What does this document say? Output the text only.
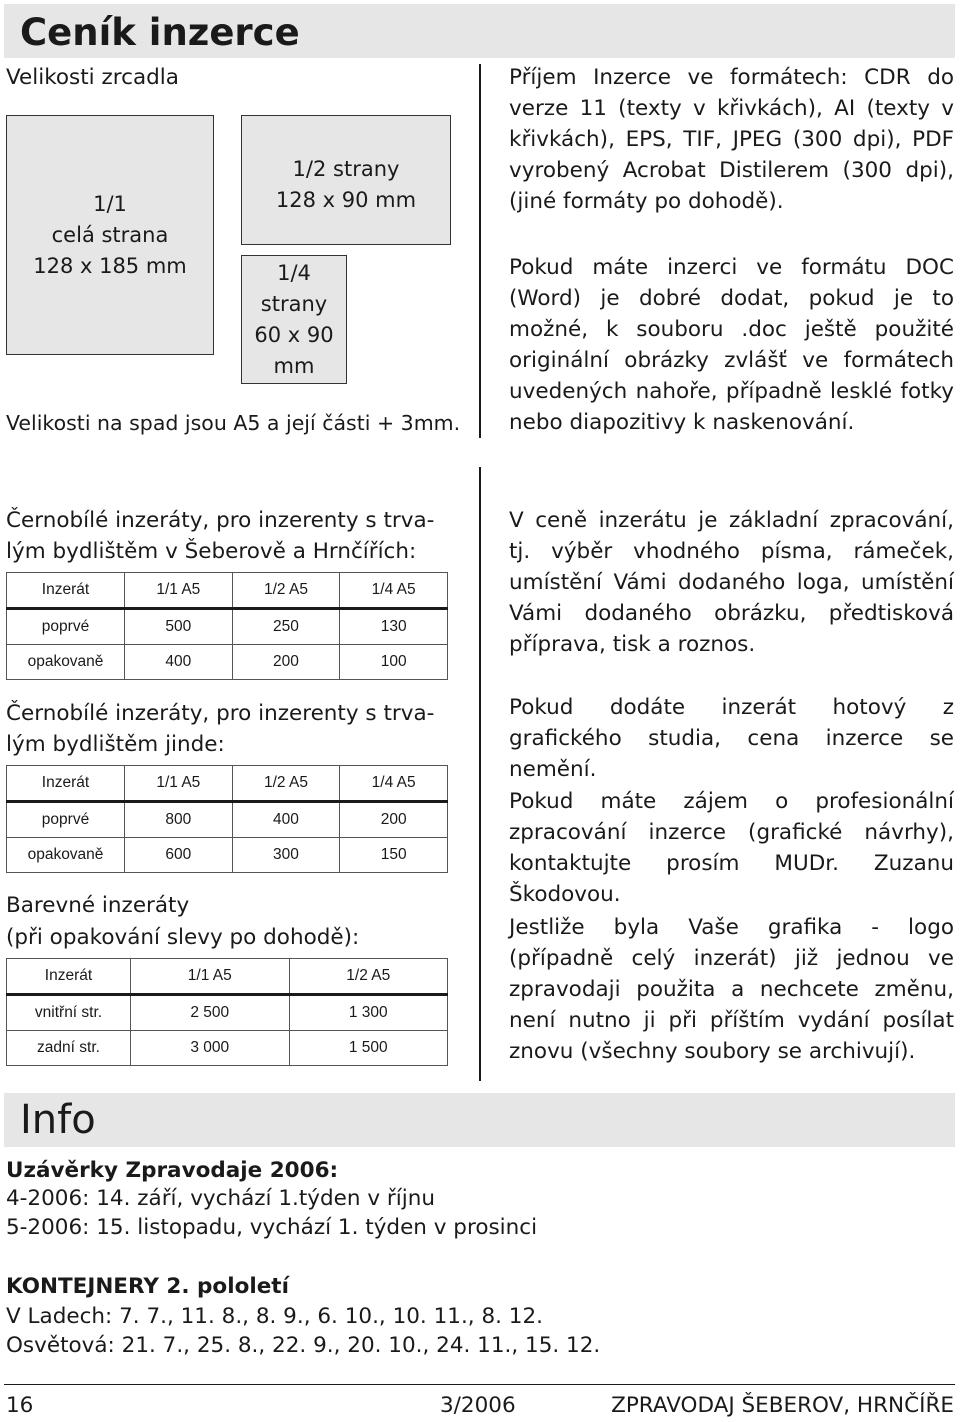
Ceník inzerce
Velikosti zrcadla
1/1
celá strana
128 x 185 mm
1/2 strany
128 x 90 mm
1/4
strany
60 x 90
mm
Velikosti na spad jsou A5 a její části + 3mm.
Příjem Inzerce ve formátech: CDR do verze 11 (texty v křivkách), AI (texty v křivkách), EPS, TIF, JPEG (300 dpi), PDF vyrobený Acrobat Distilerem (300 dpi), (jiné formáty po dohodě).
Pokud máte inzerci ve formátu DOC (Word) je dobré dodat, pokud je to možné, k souboru .doc ještě použité originální obrázky zvlášť ve formátech uvedených nahoře, případně lesklé fotky nebo diapozitivy k naskenování.
Černobílé inzeráty, pro inzerenty s trva-
lým bydlištěm v Šeberově a Hrnčířích:
Inzerát	1/1 A5	1/2 A5	1/4 A5
poprvé	500	250	130
opakovaně	400	200	100
Černobílé inzeráty, pro inzerenty s trva-
lým bydlištěm jinde:
Inzerát	1/1 A5	1/2 A5	1/4 A5
poprvé	800	400	200
opakovaně	600	300	150
Barevné inzeráty
(při opakování slevy po dohodě):
Inzerát	1/1 A5	1/2 A5
vnitřní str.	2 500	1 300
zadní str.	3 000	1 500
V ceně inzerátu je základní zpracování, tj. výběr vhodného písma, rámeček, umístění Vámi dodaného loga, umístění Vámi dodaného obrázku, předtisková příprava, tisk a roznos.
Pokud dodáte inzerát hotový z grafického studia, cena inzerce se nemění.
Pokud máte zájem o profesionální zpracování inzerce (grafické návrhy), kontaktujte prosím MUDr. Zuzanu Škodovou.
Jestliže byla Vaše grafika - logo (případně celý inzerát) již jednou ve zpravodaji použita a nechcete změnu, není nutno ji při příštím vydání posílat znovu (všechny soubory se archivují).
Info
Uzávěrky Zpravodaje 2006:
4-2006: 14. září, vychází 1.týden v říjnu
5-2006: 15. listopadu, vychází 1. týden v prosinci
KONTEJNERY 2. pololetí
V Ladech: 7. 7., 11. 8., 8. 9., 6. 10., 10. 11., 8. 12.
Osvětová: 21. 7., 25. 8., 22. 9., 20. 10., 24. 11., 15. 12.
16	3/2006	ZPRAVODAJ ŠEBEROV, HRNČÍŘE
